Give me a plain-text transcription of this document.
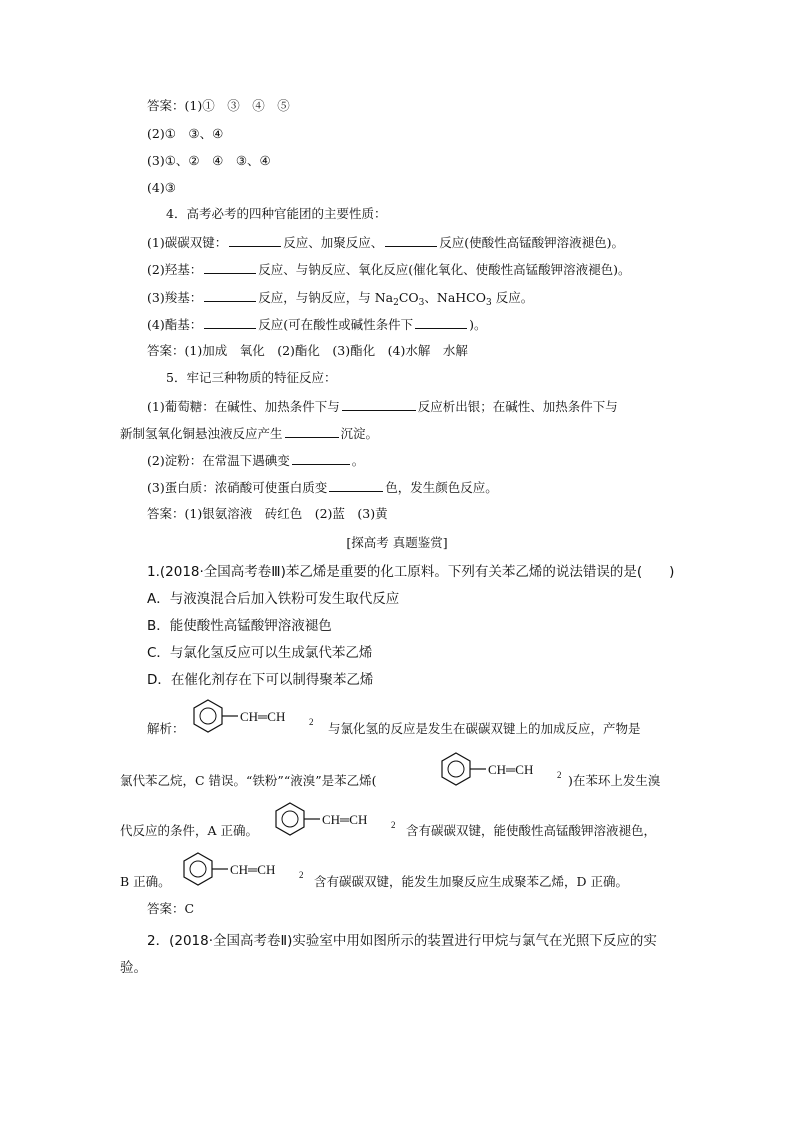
答案：(1)①　③　④　⑤
(2)①　③、④
(3)①、②　④　③、④
(4)③
4．高考必考的四种官能团的主要性质：
(1)碳碳双键：	反应、加聚反应、	反应(使酸性高锰酸钾溶液褪色)。
(2)羟基：	反应、与钠反应、氧化反应(催化氧化、使酸性高锰酸钾溶液褪色)。
(3)羧基：	反应，与钠反应，与 $Na_2CO_3$、NaHCO$_3$ 反应。
(4)酯基：	反应(可在酸性或碱性条件下	)。
答案：(1)加成　氧化　(2)酯化　(3)酯化　(4)水解　水解
5．牢记三种物质的特征反应：
(1)葡萄糖：在碱性、加热条件下与	反应析出银；在碱性、加热条件下与
新制氢氧化铜悬浊液反应产生	沉淀。
(2)淀粉：在常温下遇碘变	。
(3)蛋白质：浓硝酸可使蛋白质变	色，发生颜色反应。
答案：(1)银氨溶液　砖红色　(2)蓝　(3)黄
[探高考 真题鉴赏]
1.(2018·全国高考卷Ⅲ)苯乙烯是重要的化工原料。下列有关苯乙烯的说法错误的是(　　)
A．与液溴混合后加入铁粉可发生取代反应
B．能使酸性高锰酸钾溶液褪色
C．与氯化氢反应可以生成氯代苯乙烯
D．在催化剂存在下可以制得聚苯乙烯
解析：
CH═CH	2 与氯化氢的反应是发生在碳碳双键上的加成反应，产物是
氯代苯乙烷，C 错误。“铁粉”“液溴”是苯乙烯(
CH═CH	2 )在苯环上发生溴
代反应的条件，A 正确。
CH═CH	2 含有碳碳双键，能使酸性高锰酸钾溶液褪色，
B 正确。
CH═CH	2 含有碳碳双键，能发生加聚反应生成聚苯乙烯，D 正确。
答案：C
2．(2018·全国高考卷Ⅱ)实验室中用如图所示的装置进行甲烷与氯气在光照下反应的实
验。
